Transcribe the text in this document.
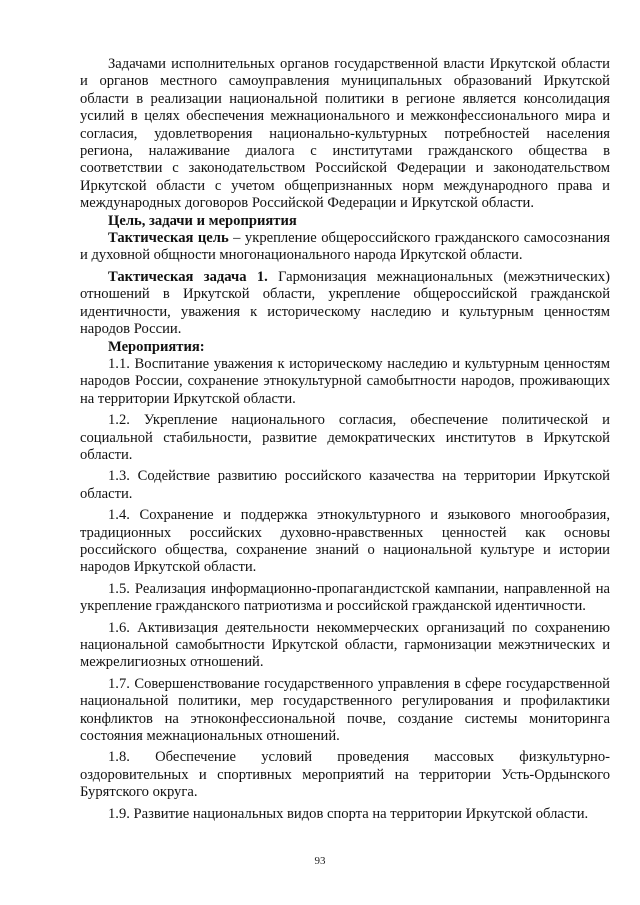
Задачами исполнительных органов государственной власти Иркутской области и органов местного самоуправления муниципальных образований Иркутской области в реализации национальной политики в регионе является консолидация усилий в целях обеспечения межнационального и межконфессионального мира и согласия, удовлетворения национально-культурных потребностей населения региона, налаживание диалога с институтами гражданского общества в соответствии с законодательством Российской Федерации и законодательством Иркутской области с учетом общепризнанных норм международного права и международных договоров Российской Федерации и Иркутской области.

Цель, задачи и мероприятия

Тактическая цель – укрепление общероссийского гражданского самосознания и духовной общности многонационального народа Иркутской области.

Тактическая задача 1. Гармонизация межнациональных (межэтнических) отношений в Иркутской области, укрепление общероссийской гражданской идентичности, уважения к историческому наследию и культурным ценностям народов России.

Мероприятия:

1.1. Воспитание уважения к историческому наследию и культурным ценностям народов России, сохранение этнокультурной самобытности народов, проживающих на территории Иркутской области.

1.2. Укрепление национального согласия, обеспечение политической и социальной стабильности, развитие демократических институтов в Иркутской области.

1.3. Содействие развитию российского казачества на территории Иркутской области.

1.4. Сохранение и поддержка этнокультурного и языкового многообразия, традиционных российских духовно-нравственных ценностей как основы российского общества, сохранение знаний о национальной культуре и истории народов Иркутской области.

1.5. Реализация информационно-пропагандистской кампании, направленной на укрепление гражданского патриотизма и российской гражданской идентичности.

1.6. Активизация деятельности некоммерческих организаций по сохранению национальной самобытности Иркутской области, гармонизации межэтнических и межрелигиозных отношений.

1.7. Совершенствование государственного управления в сфере государственной национальной политики, мер государственного регулирования и профилактики конфликтов на этноконфессиональной почве, создание системы мониторинга состояния межнациональных отношений.

1.8. Обеспечение условий проведения массовых физкультурно-оздоровительных и спортивных мероприятий на территории Усть-Ордынского Бурятского округа.

1.9. Развитие национальных видов спорта на территории Иркутской области.

93
